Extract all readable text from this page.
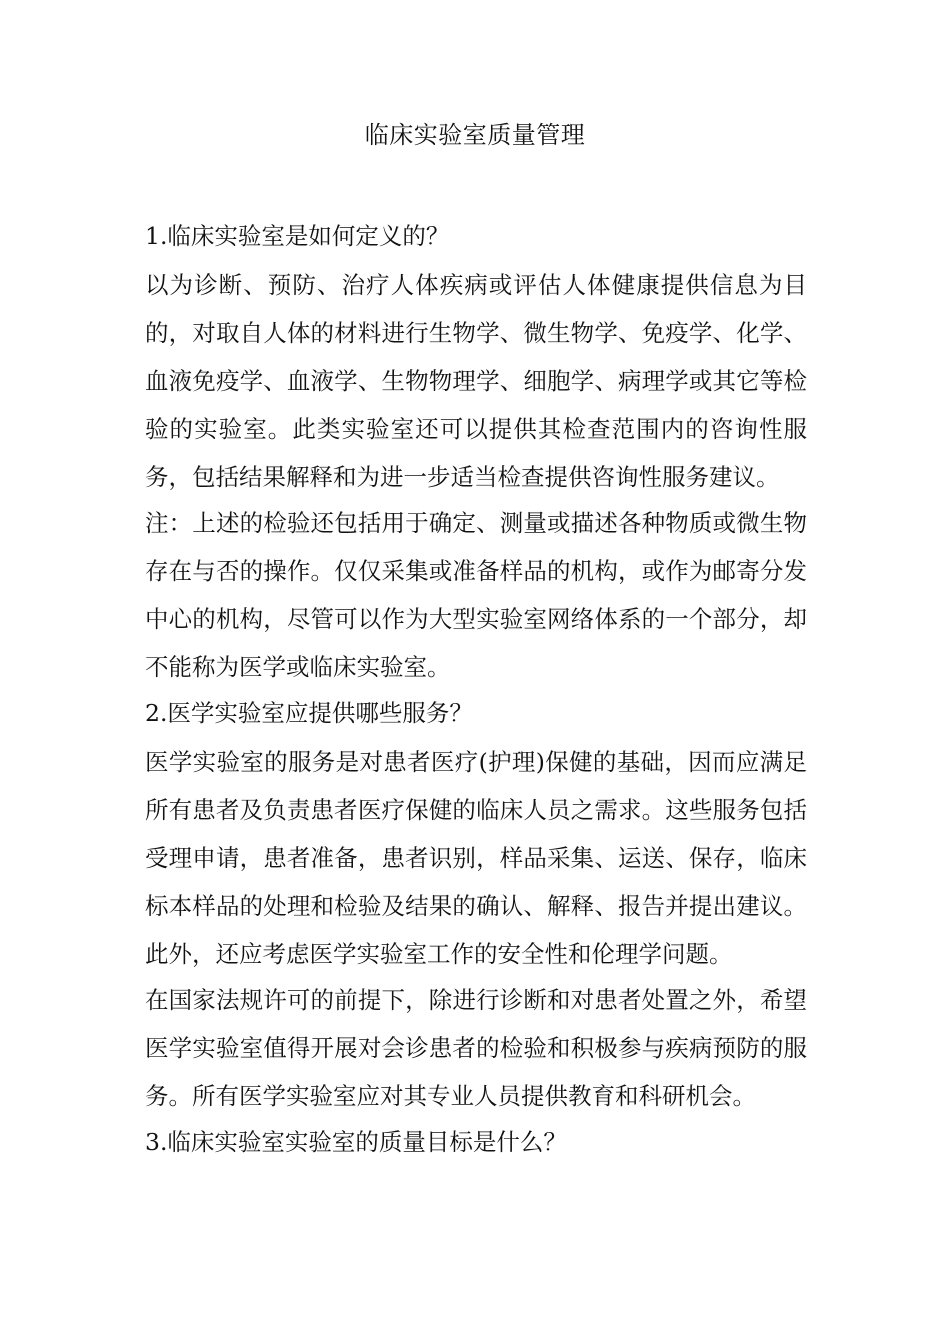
临床实验室质量管理

1.临床实验室是如何定义的？

以为诊断、预防、治疗人体疾病或评估人体健康提供信息为目的，对取自人体的材料进行生物学、微生物学、免疫学、化学、血液免疫学、血液学、生物物理学、细胞学、病理学或其它等检验的实验室。此类实验室还可以提供其检查范围内的咨询性服务，包括结果解释和为进一步适当检查提供咨询性服务建议。

注：上述的检验还包括用于确定、测量或描述各种物质或微生物存在与否的操作。仅仅采集或准备样品的机构，或作为邮寄分发中心的机构，尽管可以作为大型实验室网络体系的一个部分，却不能称为医学或临床实验室。

2.医学实验室应提供哪些服务？

医学实验室的服务是对患者医疗(护理)保健的基础，因而应满足所有患者及负责患者医疗保健的临床人员之需求。这些服务包括受理申请，患者准备，患者识别，样品采集、运送、保存，临床标本样品的处理和检验及结果的确认、解释、报告并提出建议。此外，还应考虑医学实验室工作的安全性和伦理学问题。

在国家法规许可的前提下，除进行诊断和对患者处置之外，希望医学实验室值得开展对会诊患者的检验和积极参与疾病预防的服务。所有医学实验室应对其专业人员提供教育和科研机会。

3.临床实验室实验室的质量目标是什么？
